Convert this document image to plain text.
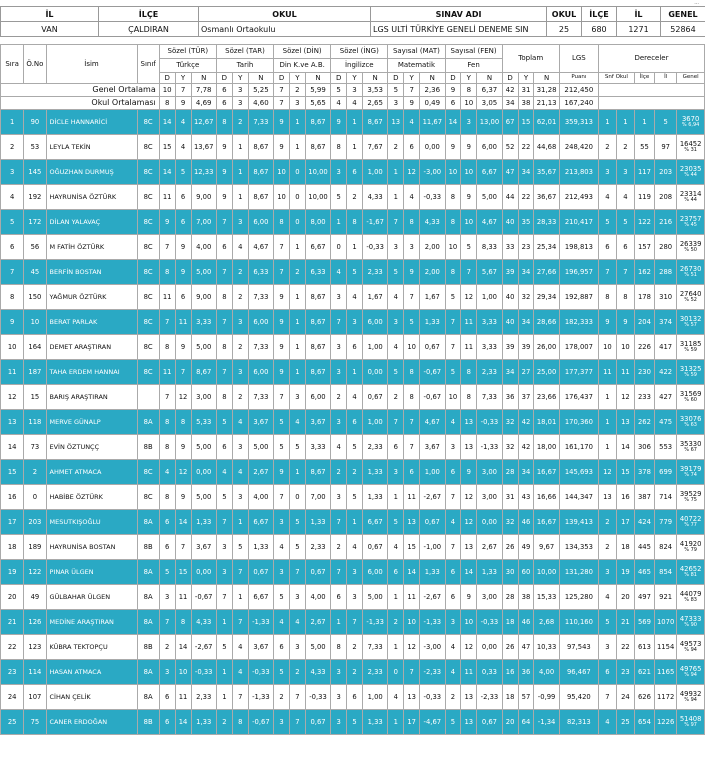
...
İL	İLÇE	OKUL	SINAV ADI	OKUL	İLÇE	İL	GENEL
VAN	ÇALDIRAN	Osmanlı Ortaokulu	LGS ULTİ TÜRKİYE GENELİ DENEME SIN	25	680	1271	52864
Sıra	Ö.No	İsim	Sınıf	Sözel (TÜR)			Sözel (TAR)			Sözel (DİN)			Sözel (İNG)			Sayısal (MAT)			Sayısal (FEN)			Toplam			LGS	Dereceler				
				Türkçe			Tarih			Din K.ve A.B.			İngilizce			Matematik			Fen											
				D	Y	N	D	Y	N	D	Y	N	D	Y	N	D	Y	N	D	Y	N	D	Y	N	Puanı	Snf Okul		İlçe	İl	Genel
Genel Ortalama				10	7	7,78	6	3	5,25	7	2	5,99	5	3	3,53	5	7	2,36	9	8	6,37	42	31	31,28	212,450					
Okul Ortalaması				8	9	4,69	6	3	4,60	7	3	5,65	4	4	2,65	3	9	0,49	6	10	3,05	34	38	21,13	167,240					
1	90	DİCLE HANNARİCİ	8C	14	4	12,67	8	2	7,33	9	1	8,67	9	1	8,67	13	4	11,67	14	3	13,00	67	15	62,01	359,313	1	1	1	5	3670
% 6,94

2	53	LEYLA TEKİN	8C	15	4	13,67	9	1	8,67	9	1	8,67	8	1	7,67	2	6	0,00	9	9	6,00	52	22	44,68	248,420	2	2	55	97	16452
% 31

3	145	OĞUZHAN DURMUŞ	8C	14	5	12,33	9	1	8,67	10	0	10,00	3	6	1,00	1	12	-3,00	10	10	6,67	47	34	35,67	213,803	3	3	117	203	23035
% 44

4	192	HAYRUNİSA ÖZTÜRK	8C	11	6	9,00	9	1	8,67	10	0	10,00	5	2	4,33	1	4	-0,33	8	9	5,00	44	22	36,67	212,493	4	4	119	208	23314
% 44

5	172	DİLAN YALAVAÇ	8C	9	6	7,00	7	3	6,00	8	0	8,00	1	8	-1,67	7	8	4,33	8	10	4,67	40	35	28,33	210,417	5	5	122	216	23757
% 45

6	56	M FATİH ÖZTÜRK	8C	7	9	4,00	6	4	4,67	7	1	6,67	0	1	-0,33	3	3	2,00	10	5	8,33	33	23	25,34	198,813	6	6	157	280	26339
% 50

7	45	BERFİN BOSTAN	8C	8	9	5,00	7	2	6,33	7	2	6,33	4	5	2,33	5	9	2,00	8	7	5,67	39	34	27,66	196,957	7	7	162	288	26730
% 51

8	150	YAĞMUR ÖZTÜRK	8C	11	6	9,00	8	2	7,33	9	1	8,67	3	4	1,67	4	7	1,67	5	12	1,00	40	32	29,34	192,887	8	8	178	310	27640
% 52

9	10	BERAT PARLAK	8C	7	11	3,33	7	3	6,00	9	1	8,67	7	3	6,00	3	5	1,33	7	11	3,33	40	34	28,66	182,333	9	9	204	374	30132
% 57

10	164	DEMET ARAŞTIRAN	8C	8	9	5,00	8	2	7,33	9	1	8,67	3	6	1,00	4	10	0,67	7	11	3,33	39	39	26,00	178,007	10	10	226	417	31185
% 59

11	187	TAHA ERDEM HANNAI	8C	11	7	8,67	7	3	6,00	9	1	8,67	3	1	0,00	5	8	-0,67	5	8	2,33	34	27	25,00	177,377	11	11	230	422	31325
% 59

12	15	BARIŞ ARAŞTIRAN		7	12	3,00	8	2	7,33	7	3	6,00	2	4	0,67	2	8	-0,67	10	8	7,33	36	37	23,66	176,437	1	12	233	427	31569
% 60

13	118	MERVE GÜNALP	8A	8	8	5,33	5	4	3,67	5	4	3,67	3	6	1,00	7	7	4,67	4	13	-0,33	32	42	18,01	170,360	1	13	262	475	33076
% 63

14	73	EVİN ÖZTUNÇÇ	8B	8	9	5,00	6	3	5,00	5	5	3,33	4	5	2,33	6	7	3,67	3	13	-1,33	32	42	18,00	161,170	1	14	306	553	35330
% 67

15	2	AHMET ATMACA	8C	4	12	0,00	4	4	2,67	9	1	8,67	2	2	1,33	3	6	1,00	6	9	3,00	28	34	16,67	145,693	12	15	378	699	39179
% 74

16	0	HABİBE ÖZTÜRK	8C	8	9	5,00	5	3	4,00	7	0	7,00	3	5	1,33	1	11	-2,67	7	12	3,00	31	43	16,66	144,347	13	16	387	714	39529
% 75

17	203	MESUTKIŞOĞLU	8A	6	14	1,33	7	1	6,67	3	5	1,33	7	1	6,67	5	13	0,67	4	12	0,00	32	46	16,67	139,413	2	17	424	779	40722
% 77

18	189	HAYRUNİSA BOSTAN	8B	6	7	3,67	3	5	1,33	4	5	2,33	2	4	0,67	4	15	-1,00	7	13	2,67	26	49	9,67	134,353	2	18	445	824	41920
% 79

19	122	PINAR ÜLGEN	8A	5	15	0,00	3	7	0,67	3	7	0,67	7	3	6,00	6	14	1,33	6	14	1,33	30	60	10,00	131,280	3	19	465	854	42652
% 81

20	49	GÜLBAHAR ÜLGEN	8A	3	11	-0,67	7	1	6,67	5	3	4,00	6	3	5,00	1	11	-2,67	6	9	3,00	28	38	15,33	125,280	4	20	497	921	44079
% 83

21	126	MEDİNE ARAŞTIRAN	8A	7	8	4,33	1	7	-1,33	4	4	2,67	1	7	-1,33	2	10	-1,33	3	10	-0,33	18	46	2,68	110,160	5	21	569	1070	47333
% 90

22	123	KÜBRA TEKTOPÇU	8B	2	14	-2,67	5	4	3,67	6	3	5,00	8	2	7,33	1	12	-3,00	4	12	0,00	26	47	10,33	97,543	3	22	613	1154	49573
% 94

23	114	HASAN ATMACA	8A	3	10	-0,33	1	4	-0,33	5	2	4,33	3	2	2,33	0	7	-2,33	4	11	0,33	16	36	4,00	96,467	6	23	621	1165	49765
% 94

24	107	CİHAN ÇELİK	8A	6	11	2,33	1	7	-1,33	2	7	-0,33	3	6	1,00	4	13	-0,33	2	13	-2,33	18	57	-0,99	95,420	7	24	626	1172	49932
% 94

25	75	CANER ERDOĞAN	8B	6	14	1,33	2	8	-0,67	3	7	0,67	3	5	1,33	1	17	-4,67	5	13	0,67	20	64	-1,34	82,313	4	25	654	1226	51408
% 97
